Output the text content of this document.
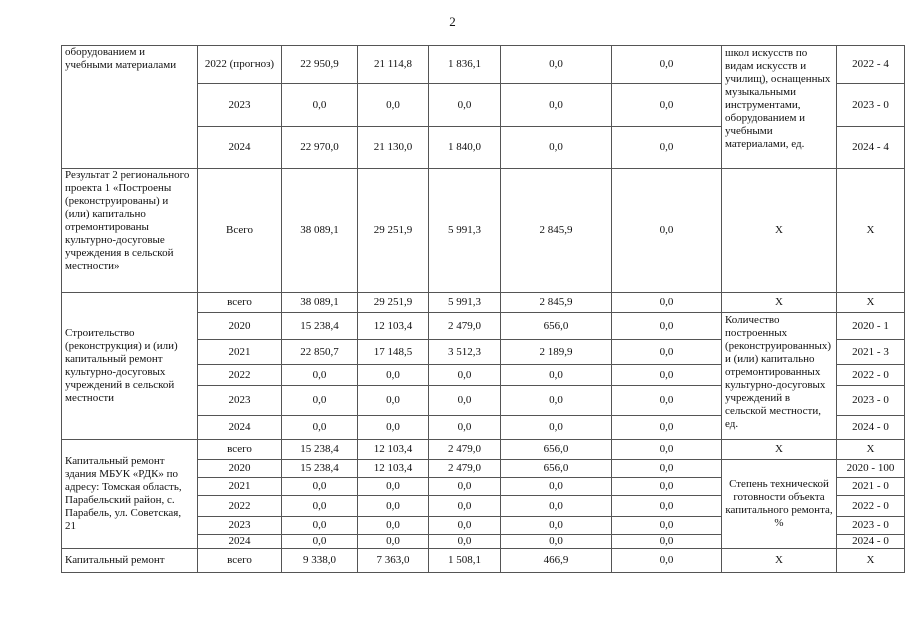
2
оборудованием и учебными материалами	2022 (прогноз)	22 950,9	21 114,8	1 836,1	0,0	0,0	школ искусств по видам искусств и училищ), оснащенных музыкальными инструментами, оборудованием и учебными материалами, ед.	2022 - 4
	2023	0,0	0,0	0,0	0,0	0,0		2023 - 0
	2024	22 970,0	21 130,0	1 840,0	0,0	0,0		2024 - 4
Результат 2 регионального проекта 1 «Построены (реконструированы) и (или) капитально отремонтированы культурно-досуговые учреждения в сельской местности»	Всего	38 089,1	29 251,9	5 991,3	2 845,9	0,0	Х	Х
Строительство (реконструкция) и (или) капитальный ремонт культурно-досуговых учреждений в сельской местности	всего	38 089,1	29 251,9	5 991,3	2 845,9	0,0	Х	Х
	2020	15 238,4	12 103,4	2 479,0	656,0	0,0	Количество построенных (реконструированных) и (или) капитально отремонтированных культурно-досуговых учреждений в сельской местности, ед.	2020 - 1
	2021	22 850,7	17 148,5	3 512,3	2 189,9	0,0		2021 - 3
	2022	0,0	0,0	0,0	0,0	0,0		2022 - 0
	2023	0,0	0,0	0,0	0,0	0,0		2023 - 0
	2024	0,0	0,0	0,0	0,0	0,0		2024 - 0
Капитальный ремонт здания МБУК «РДК» по адресу: Томская область, Парабельский район, с. Парабель, ул. Советская, 21	всего	15 238,4	12 103,4	2 479,0	656,0	0,0	Х	Х
	2020	15 238,4	12 103,4	2 479,0	656,0	0,0	Степень технической готовности объекта капитального ремонта, %	2020 - 100
	2021	0,0	0,0	0,0	0,0	0,0		2021 - 0
	2022	0,0	0,0	0,0	0,0	0,0		2022 - 0
	2023	0,0	0,0	0,0	0,0	0,0		2023 - 0
	2024	0,0	0,0	0,0	0,0	0,0		2024 - 0
Капитальный ремонт	всего	9 338,0	7 363,0	1 508,1	466,9	0,0	Х	Х
